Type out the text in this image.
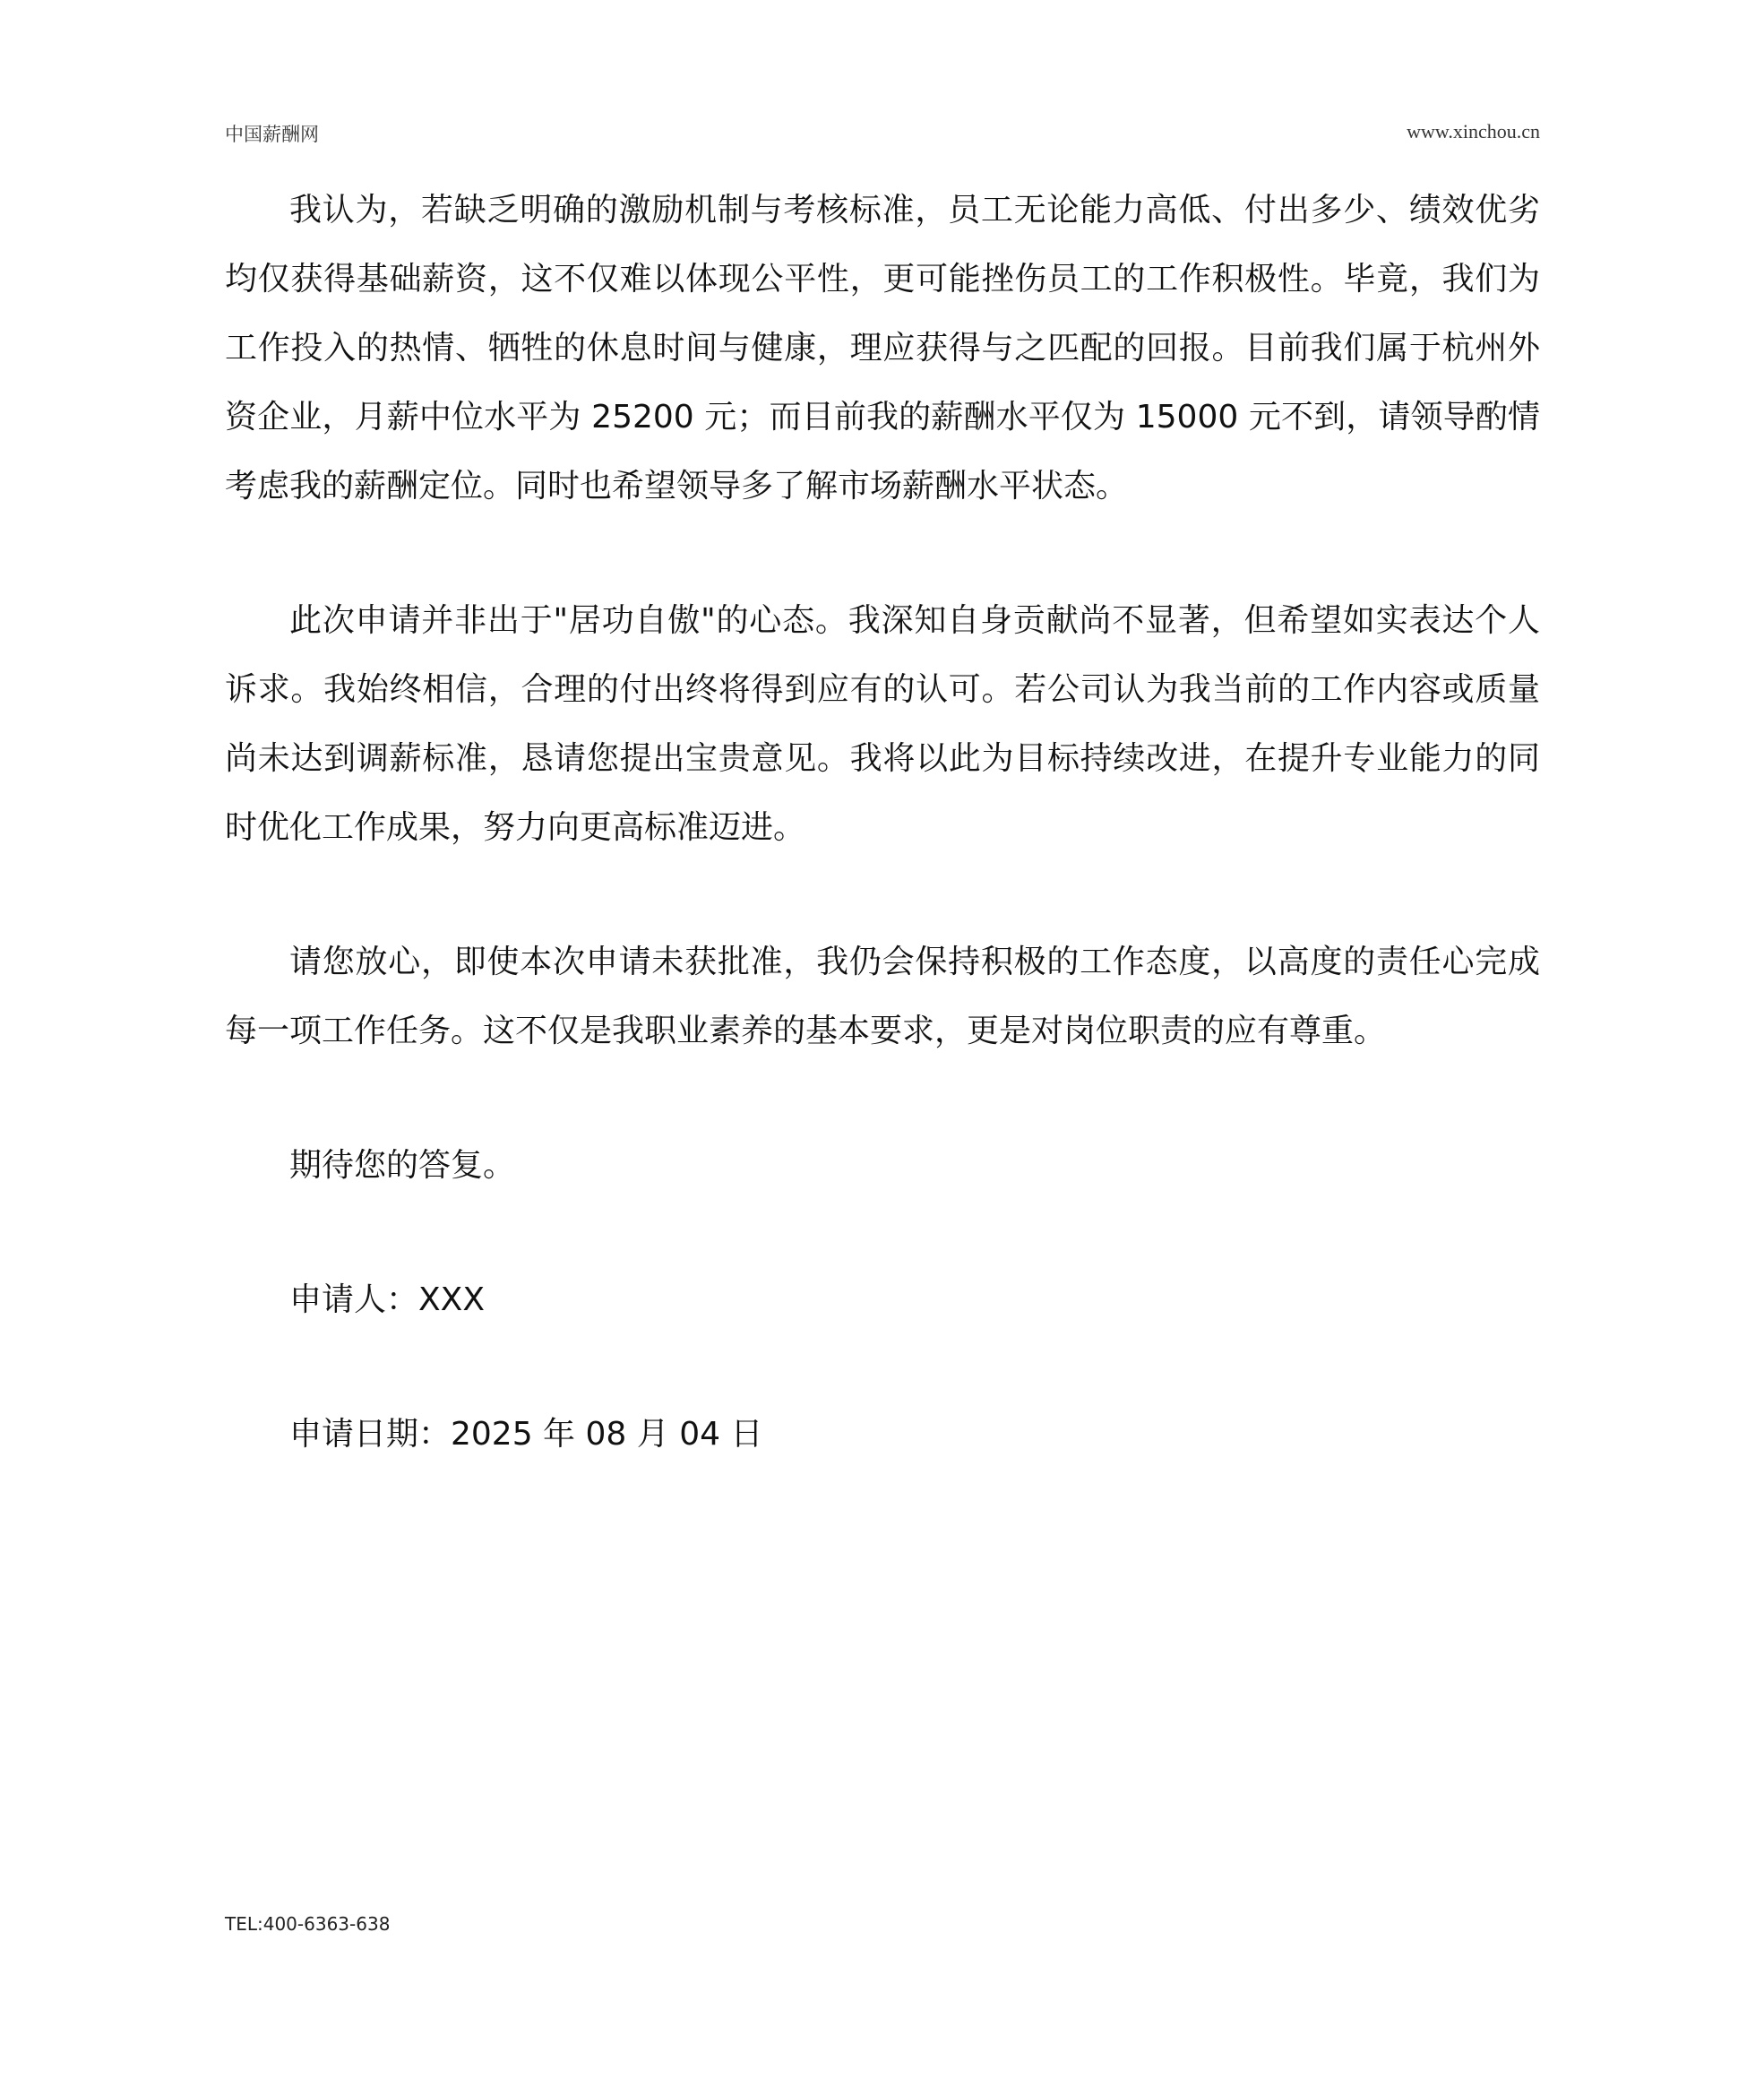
中国薪酬网	www.xinchou.cn

我认为，若缺乏明确的激励机制与考核标准，员工无论能力高低、付出多少、绩效优劣均仅获得基础薪资，这不仅难以体现公平性，更可能挫伤员工的工作积极性。毕竟，我们为工作投入的热情、牺牲的休息时间与健康，理应获得与之匹配的回报。目前我们属于杭州外资企业，月薪中位水平为 25200 元；而目前我的薪酬水平仅为 15000 元不到，请领导酌情考虑我的薪酬定位。同时也希望领导多了解市场薪酬水平状态。

此次申请并非出于"居功自傲"的心态。我深知自身贡献尚不显著，但希望如实表达个人诉求。我始终相信，合理的付出终将得到应有的认可。若公司认为我当前的工作内容或质量尚未达到调薪标准，恳请您提出宝贵意见。我将以此为目标持续改进，在提升专业能力的同时优化工作成果，努力向更高标准迈进。

请您放心，即使本次申请未获批准，我仍会保持积极的工作态度，以高度的责任心完成每一项工作任务。这不仅是我职业素养的基本要求，更是对岗位职责的应有尊重。

期待您的答复。

申请人：XXX

申请日期：2025 年 08 月 04 日

TEL:400-6363-638
